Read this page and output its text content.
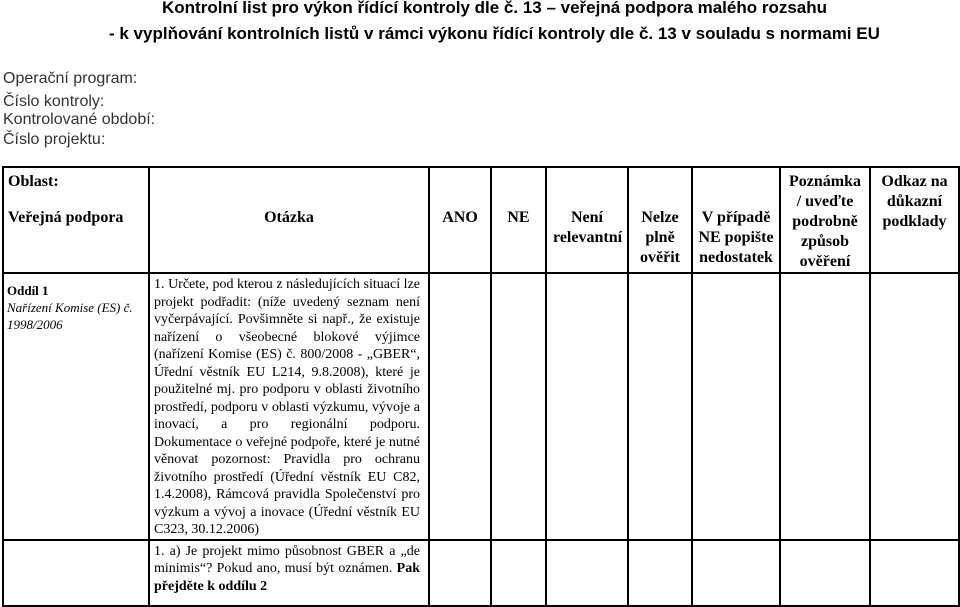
Kontrolní list pro výkon řídící kontroly dle č. 13 – veřejná podpora malého rozsahu
- k vyplňování kontrolních listů v rámci výkonu řídící kontroly dle č. 13 v souladu s normami EU
Operační program:
Číslo kontroly:
Kontrolované období:
Číslo projektu:
Oblast:
Veřejná podpora	Otázka	ANO	NE	Není relevantní	Nelze plně ověřit	V případě NE popište nedostatek	Poznámka / uveďte podrobně způsob ověření	Odkaz na důkazní podklady

Oddíl 1
Nařízení Komise (ES) č. 1998/2006	1. Určete, pod kterou z následujících situací lze projekt podřadit: (níže uvedený seznam není vyčerpávající. Povšimněte si např., že existuje nařízení o všeobecné blokové výjimce (nařízení Komise (ES) č. 800/2008 - „GBER“, Úřední věstník EU L214, 9.8.2008), které je použitelné mj. pro podporu v oblasti životního prostředí, podporu v oblasti výzkumu, vývoje a inovací, a pro regionální podporu. Dokumentace o veřejné podpoře, které je nutné věnovat pozornost: Pravidla pro ochranu životního prostředí (Úřední věstník EU C82, 1.4.2008), Rámcová pravidla Společenství pro výzkum a vývoj a inovace (Úřední věstník EU C323, 30.12.2006)							
	1. a) Je projekt mimo působnost GBER a „de minimis“? Pokud ano, musí být oznámen. Pak přejděte k oddílu 2							
